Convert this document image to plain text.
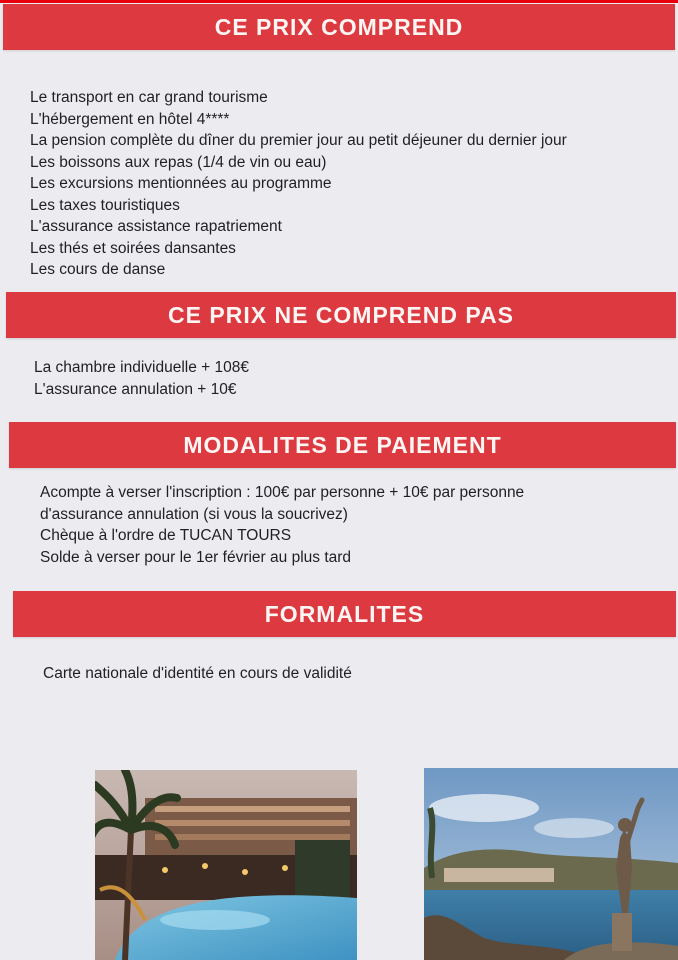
CE PRIX COMPREND
Le transport en car grand tourisme
L'hébergement en hôtel 4****
La pension complète du dîner du premier jour au petit déjeuner du dernier jour
Les boissons aux repas (1/4 de vin ou eau)
Les excursions mentionnées au programme
Les taxes touristiques
L'assurance assistance rapatriement
Les thés et soirées dansantes
Les cours de danse
CE PRIX NE COMPREND PAS
La chambre individuelle + 108€
L'assurance annulation + 10€
MODALITES DE PAIEMENT
Acompte à verser l'inscription : 100€ par personne + 10€ par personne
d'assurance annulation (si vous la soucrivez)
Chèque à l'ordre de TUCAN TOURS
Solde à verser pour le 1er février au plus tard
FORMALITES
Carte nationale d'identité en cours de validité
